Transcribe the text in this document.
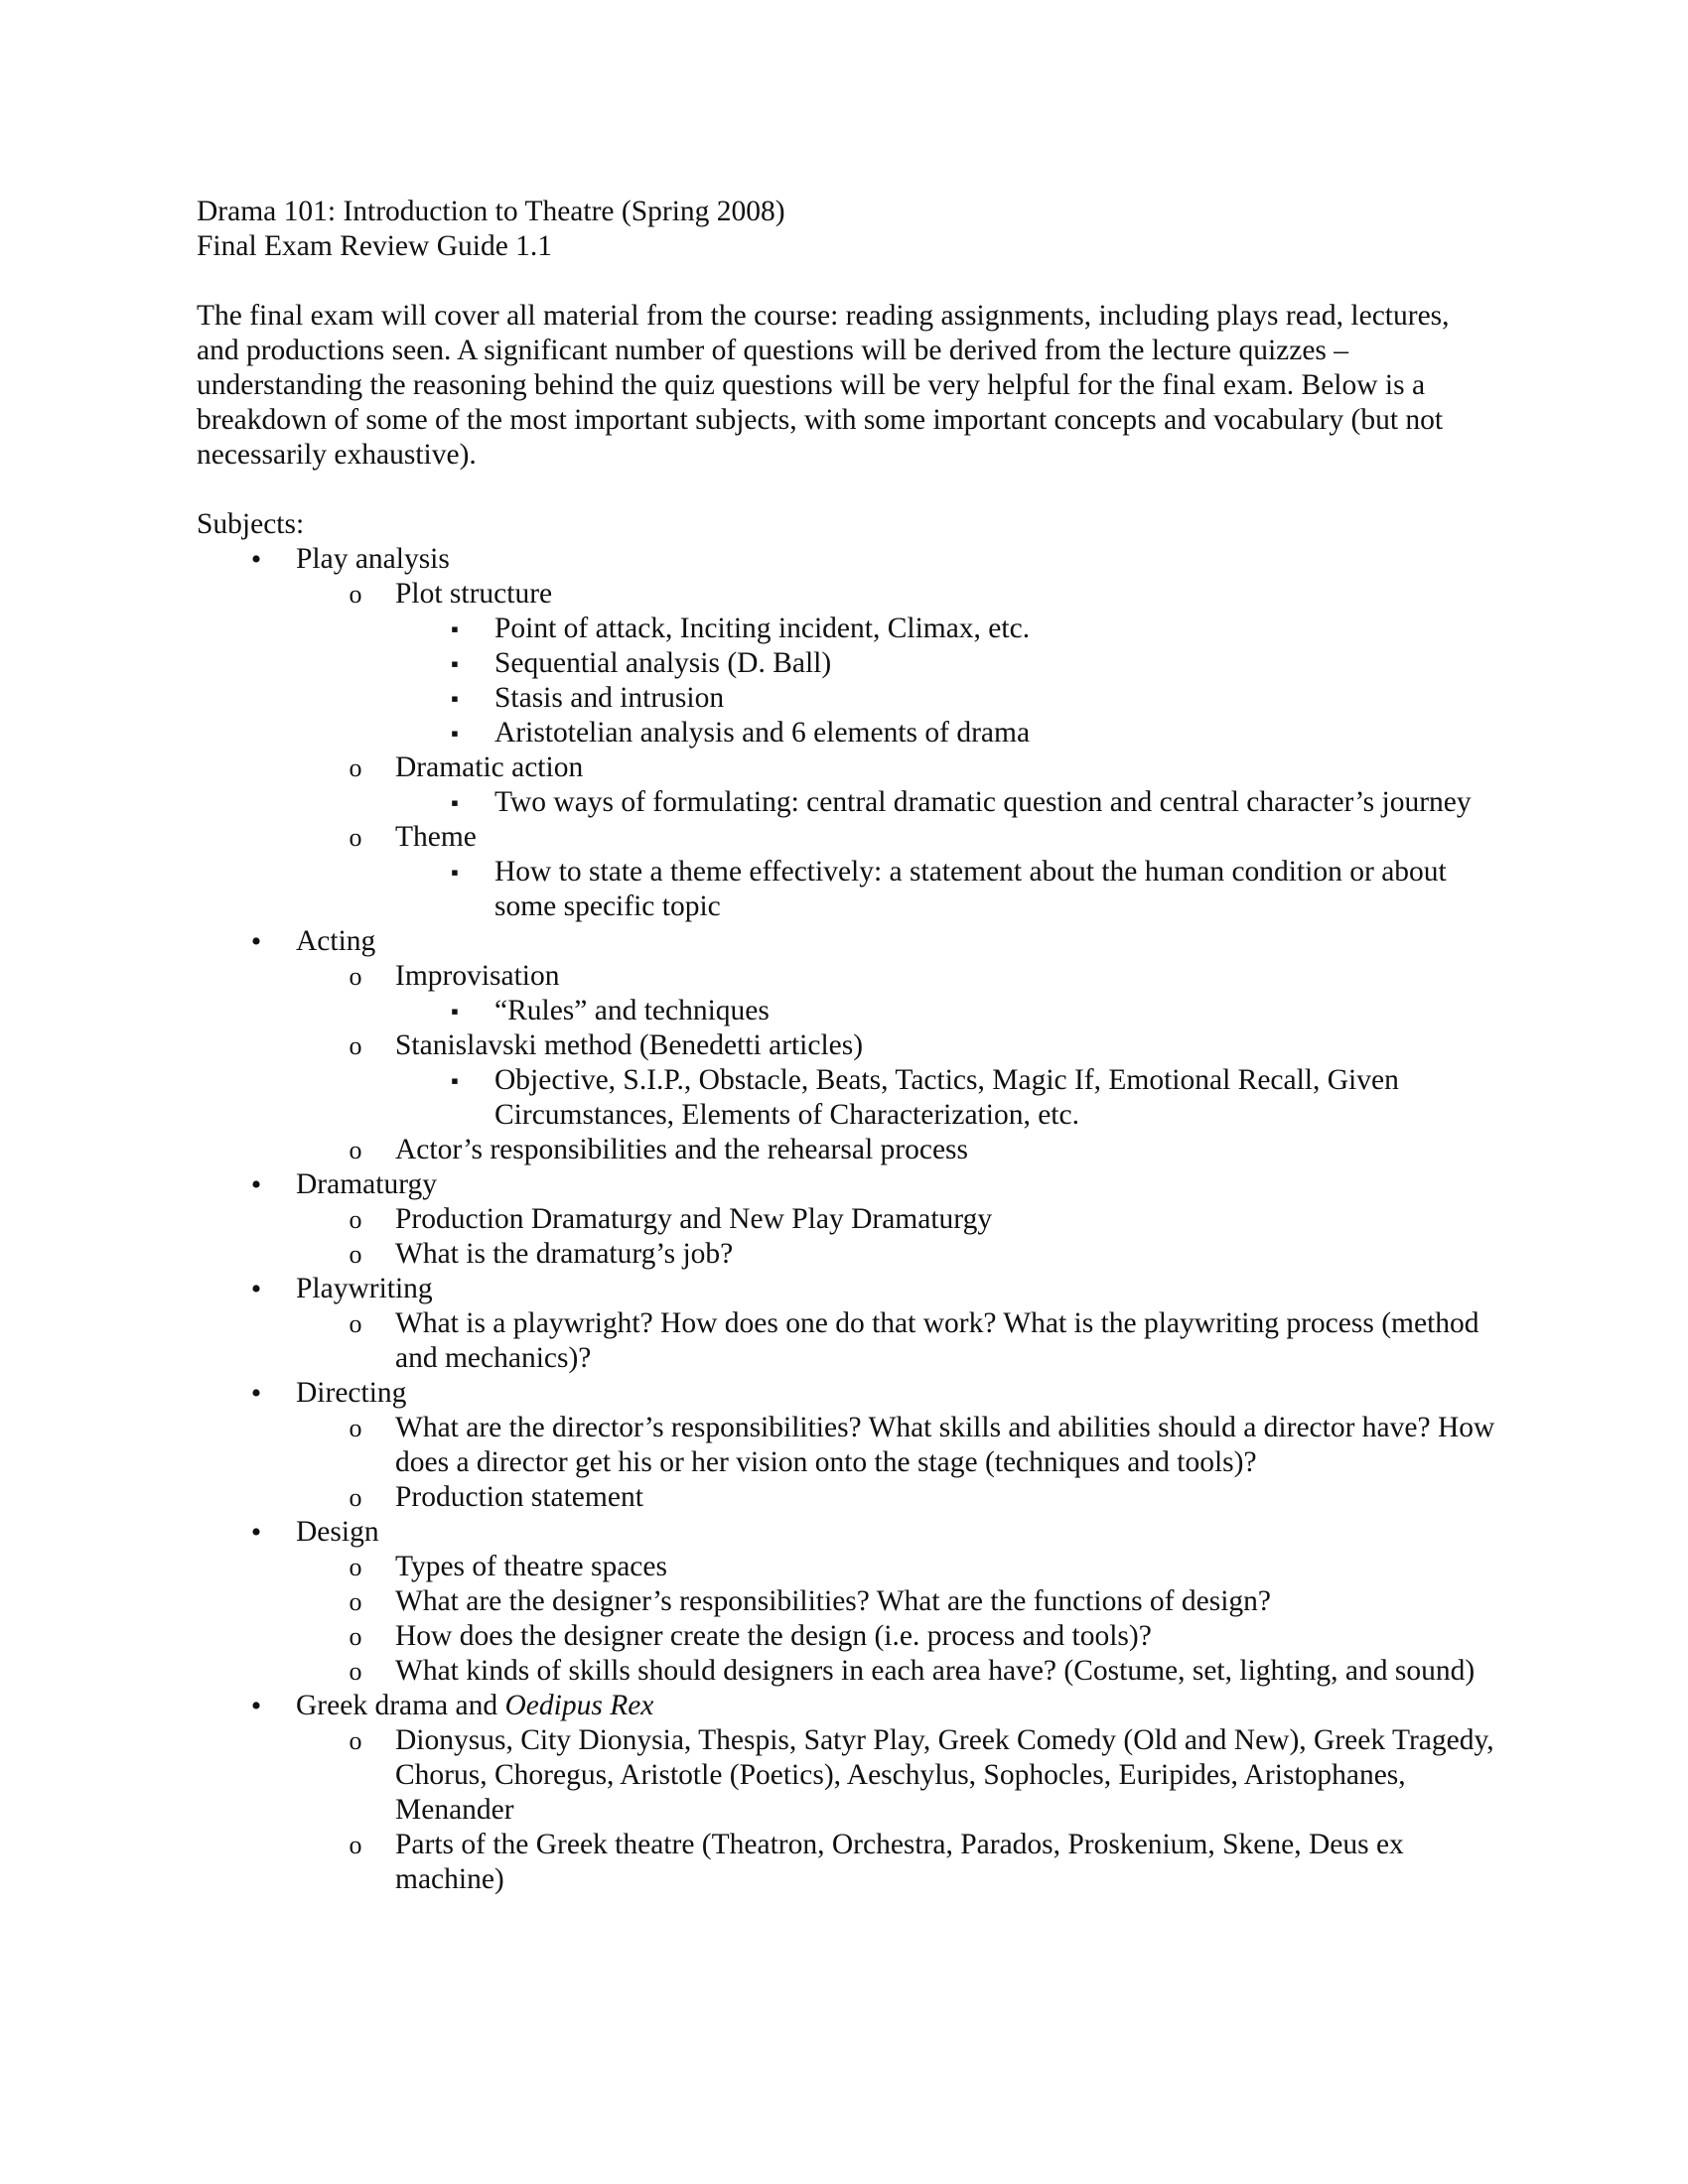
Drama 101: Introduction to Theatre (Spring 2008)

Final Exam Review Guide 1.1

The final exam will cover all material from the course: reading assignments, including plays read, lectures, and productions seen. A significant number of questions will be derived from the lecture quizzes – understanding the reasoning behind the quiz questions will be very helpful for the final exam. Below is a breakdown of some of the most important subjects, with some important concepts and vocabulary (but not necessarily exhaustive).

Subjects:

•	Play analysis
o	Plot structure
▪	Point of attack, Inciting incident, Climax, etc.
▪	Sequential analysis (D. Ball)
▪	Stasis and intrusion
▪	Aristotelian analysis and 6 elements of drama
o	Dramatic action
▪	Two ways of formulating: central dramatic question and central character’s journey
o	Theme
▪	How to state a theme effectively: a statement about the human condition or about some specific topic
•	Acting
o	Improvisation
▪	“Rules” and techniques
o	Stanislavski method (Benedetti articles)
▪	Objective, S.I.P., Obstacle, Beats, Tactics, Magic If, Emotional Recall, Given Circumstances, Elements of Characterization, etc.
o	Actor’s responsibilities and the rehearsal process
•	Dramaturgy
o	Production Dramaturgy and New Play Dramaturgy
o	What is the dramaturg’s job?
•	Playwriting
o	What is a playwright? How does one do that work? What is the playwriting process (method and mechanics)?
•	Directing
o	What are the director’s responsibilities? What skills and abilities should a director have? How does a director get his or her vision onto the stage (techniques and tools)?
o	Production statement
•	Design
o	Types of theatre spaces
o	What are the designer’s responsibilities? What are the functions of design?
o	How does the designer create the design (i.e. process and tools)?
o	What kinds of skills should designers in each area have? (Costume, set, lighting, and sound)
•	Greek drama and Oedipus Rex
o	Dionysus, City Dionysia, Thespis, Satyr Play, Greek Comedy (Old and New), Greek Tragedy, Chorus, Choregus, Aristotle (Poetics), Aeschylus, Sophocles, Euripides, Aristophanes, Menander
o	Parts of the Greek theatre (Theatron, Orchestra, Parados, Proskenium, Skene, Deus ex machine)
